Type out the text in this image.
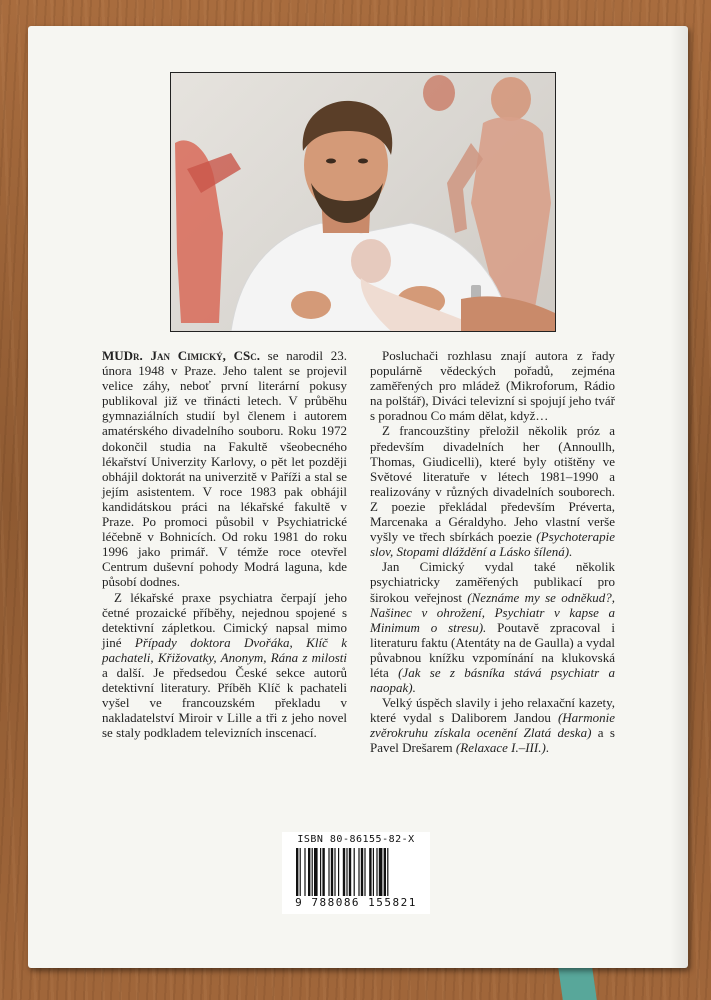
MUDr. Jan Cimický, CSc. se narodil 23. února 1948 v Praze. Jeho talent se projevil velice záhy, neboť první literární pokusy publikoval již ve třinácti letech. V průběhu gymnaziálních studií byl členem i autorem amatérského divadelního souboru. Roku 1972 dokončil studia na Fakultě všeobecného lékařství Univerzity Karlovy, o pět let později obhájil doktorát na univerzitě v Paříži a stal se jejím asistentem. V roce 1983 pak obhájil kandidátskou práci na lékařské fakultě v Praze. Po promoci působil v Psychiatrické léčebně v Bohnicích. Od roku 1981 do roku 1996 jako primář. V témže roce otevřel Centrum duševní pohody Modrá laguna, kde působí dodnes.

Z lékařské praxe psychiatra čerpají jeho četné prozaické příběhy, nejednou spojené s detektivní zápletkou. Cimický napsal mimo jiné Případy doktora Dvořáka, Klíč k pachateli, Křižovatky, Anonym, Rána z milosti a další. Je předsedou České sekce autorů detektivní literatury. Příběh Klíč k pachateli vyšel ve francouzském překladu v nakladatelství Miroir v Lille a tři z jeho novel se staly podkladem televizních inscenací.

Posluchači rozhlasu znají autora z řady populárně vědeckých pořadů, zejména zaměřených pro mládež (Mikroforum, Rádio na polštář), Diváci televizní si spojují jeho tvář s poradnou Co mám dělat, když…

Z francouzštiny přeložil několik próz a především divadelních her (Annoullh, Thomas, Giudicelli), které byly otištěny ve Světové literatuře v létech 1981–1990 a realizovány v různých divadelních souborech. Z poezie překládal především Préverta, Marcenaka a Géraldyho. Jeho vlastní verše vyšly ve třech sbírkách poezie (Psychoterapie slov, Stopami dláždění a Lásko šílená).

Jan Cimický vydal také několik psychiatricky zaměřených publikací pro širokou veřejnost (Neznáme my se odněkud?, Našinec v ohrožení, Psychiatr v kapse a Minimum o stresu). Poutavě zpracoval i literaturu faktu (Atentáty na de Gaulla) a vydal půvabnou knížku vzpomínání na klukovská léta (Jak se z básníka stává psychiatr a naopak).

Velký úspěch slavily i jeho relaxační kazety, které vydal s Daliborem Jandou (Harmonie zvěrokruhu získala ocenění Zlatá deska) a s Pavel Drešarem (Relaxace I.–III.).

ISBN 80-86155-82-X
9 788086 155821
